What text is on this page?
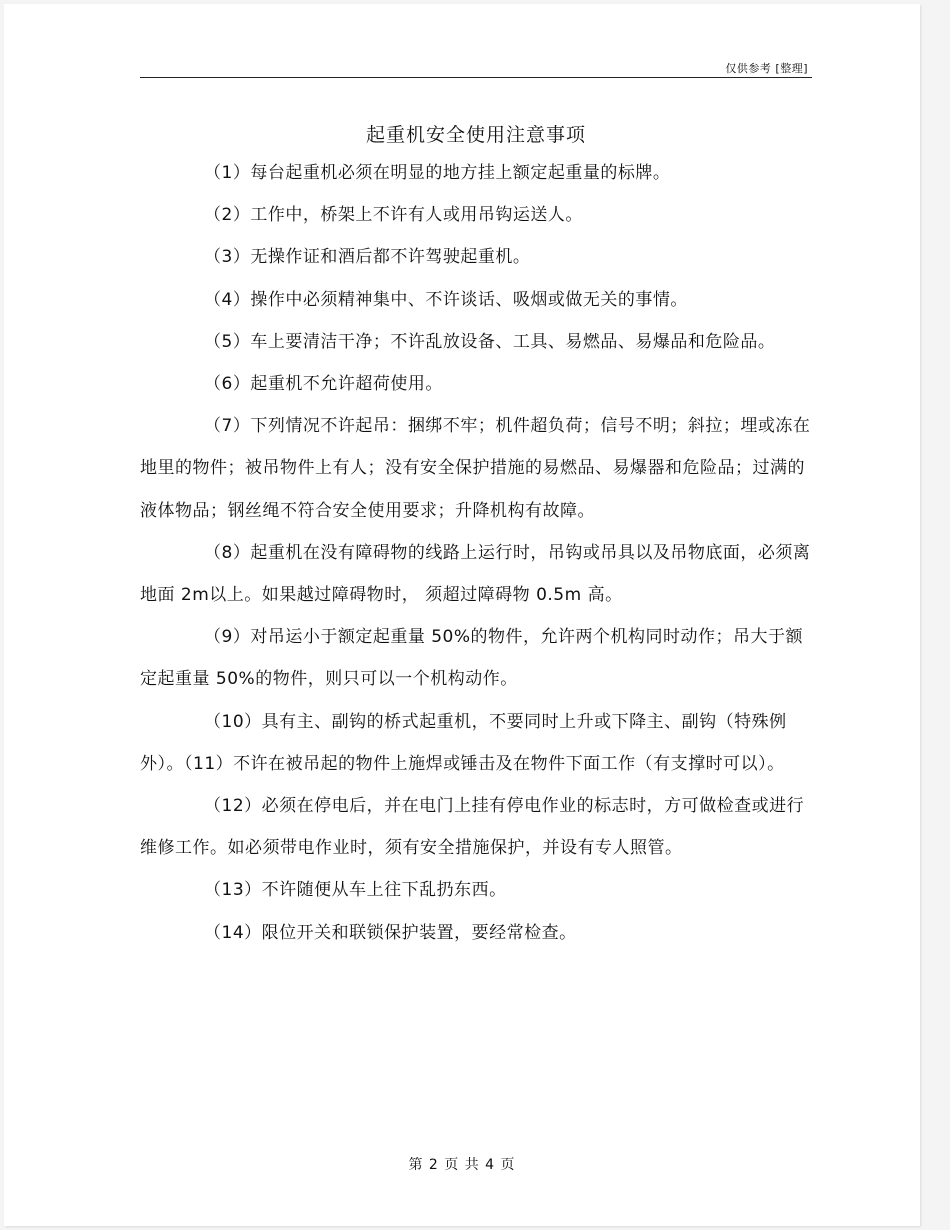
仅供参考 [整理]
起重机安全使用注意事项

（1）每台起重机必须在明显的地方挂上额定起重量的标牌。

（2）工作中，桥架上不许有人或用吊钩运送人。

（3）无操作证和酒后都不许驾驶起重机。

（4）操作中必须精神集中、不许谈话、吸烟或做无关的事情。

（5）车上要清洁干净；不许乱放设备、工具、易燃品、易爆品和危险品。

（6）起重机不允许超荷使用。

（7）下列情况不许起吊：捆绑不牢；机件超负荷；信号不明；斜拉；埋或冻在地里的物件；被吊物件上有人；没有安全保护措施的易燃品、易爆器和危险品；过满的液体物品；钢丝绳不符合安全使用要求；升降机构有故障。

（8）起重机在没有障碍物的线路上运行时，吊钩或吊具以及吊物底面，必须离地面 2m以上。如果越过障碍物时， 须超过障碍物 0.5m 高。

（9）对吊运小于额定起重量 50%的物件，允许两个机构同时动作；吊大于额定起重量 50%的物件，则只可以一个机构动作。

（10）具有主、副钩的桥式起重机，不要同时上升或下降主、副钩（特殊例外）。（11）不许在被吊起的物件上施焊或锤击及在物件下面工作（有支撑时可以）。

（12）必须在停电后，并在电门上挂有停电作业的标志时，方可做检查或进行维修工作。如必须带电作业时，须有安全措施保护，并设有专人照管。

（13）不许随便从车上往下乱扔东西。

（14）限位开关和联锁保护装置，要经常检查。

第 2 页 共 4 页
